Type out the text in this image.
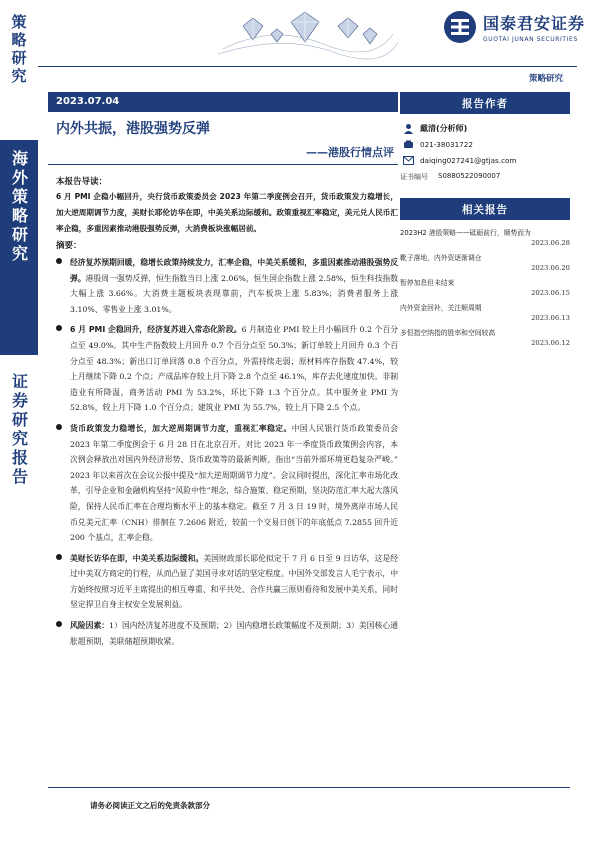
策略研究
海外策略研究
证券研究报告
国泰君安证券
GUOTAI JUNAN SECURITIES
策略研究
2023.07.04
内外共振，港股强势反弹
——港股行情点评
本报告导读：
6 月 PMI 企稳小幅回升，央行货币政策委员会 2023 年第二季度例会召开，货币政策发力稳增长，加大逆周期调节力度，美财长耶伦访华在即，中美关系边际缓和。政策重视汇率稳定，美元兑人民币汇率企稳，多重因素推动港股强势反弹，大消费板块涨幅居前。
摘要：
经济复苏预期回暖，稳增长政策持续发力，汇率企稳，中美关系缓和，多重因素推动港股强势反弹。港股周一强势反弹，恒生指数当日上涨 2.06%，恒生国企指数上涨 2.58%，恒生科技指数大幅上涨 3.66%。大消费主题板块表现靠前，汽车板块上涨 5.83%；消费者服务上涨 3.10%、零售业上涨 3.01%。
6 月 PMI 企稳回升，经济复苏进入常态化阶段。6 月制造业 PMI 较上月小幅回升 0.2 个百分点至 49.0%。其中生产指数较上月回升 0.7 个百分点至 50.3%；新订单较上月回升 0.3 个百分点至 48.3%；新出口订单回落 0.8 个百分点，外需持续走弱；原材料库存指数 47.4%，较上月继续下降 0.2 个点；产成品库存较上月下降 2.8 个点至 46.1%，库存去化速度加快。非制造业有所降温，商务活动 PMI 为 53.2%，环比下降 1.3 个百分点。其中服务业 PMI 为 52.8%，较上月下降 1.0 个百分点；建筑业 PMI 为 55.7%，较上月下降 2.5 个点。
货币政策发力稳增长，加大逆周期调节力度，重视汇率稳定。中国人民银行货币政策委员会 2023 年第二季度例会于 6 月 28 日在北京召开。对比 2023 年一季度货币政策例会内容，本次例会释放出对国内外经济形势、货币政策等的最新判断，指出“当前外部环境更趋复杂严峻。” 2023 年以来首次在会议公报中提及“加大逆周期调节力度”。会议同时提出，深化汇率市场化改革，引导企业和金融机构坚持“风险中性”理念，综合施策、稳定预期，坚决防范汇率大起大落风险，保持人民币汇率在合理均衡水平上的基本稳定。截至 7 月 3 日 19 时，境外离岸市场人民币兑美元汇率（CNH）徘徊在 7.2606 附近，较前一个交易日创下的年底低点 7.2855 回升近 200 个基点，汇率企稳。
美财长访华在即，中美关系边际缓和。美国财政部长耶伦拟定于 7 月 6 日至 9 日访华，这是经过中美双方商定的行程，从而凸显了美国寻求对话的坚定程度。中国外交部发言人毛宁表示，中方始终按照习近平主席提出的相互尊重、和平共处、合作共赢三原则看待和发展中美关系，同时坚定捍卫自身主权安全发展利益。
风险因素：1）国内经济复苏进度不及预期；2）国内稳增长政策幅度不及预期；3）美国核心通胀超预期，美联储超预期收紧。
报告作者
戴清(分析师)
021-38031722
daiqing027241@gtjas.com
证书编号	S0880522090007
相关报告
2023H2 港股策略——砥砺前行，顺势而为
2023.06.28
靴子落地，内外资逐渐调仓
2023.06.20
暂停加息但未结束
2023.06.15
内外资金回补，关注顺周期
2023.06.13
多恒指空纳指的胜率和空间较高
2023.06.12
请务必阅读正文之后的免责条款部分
